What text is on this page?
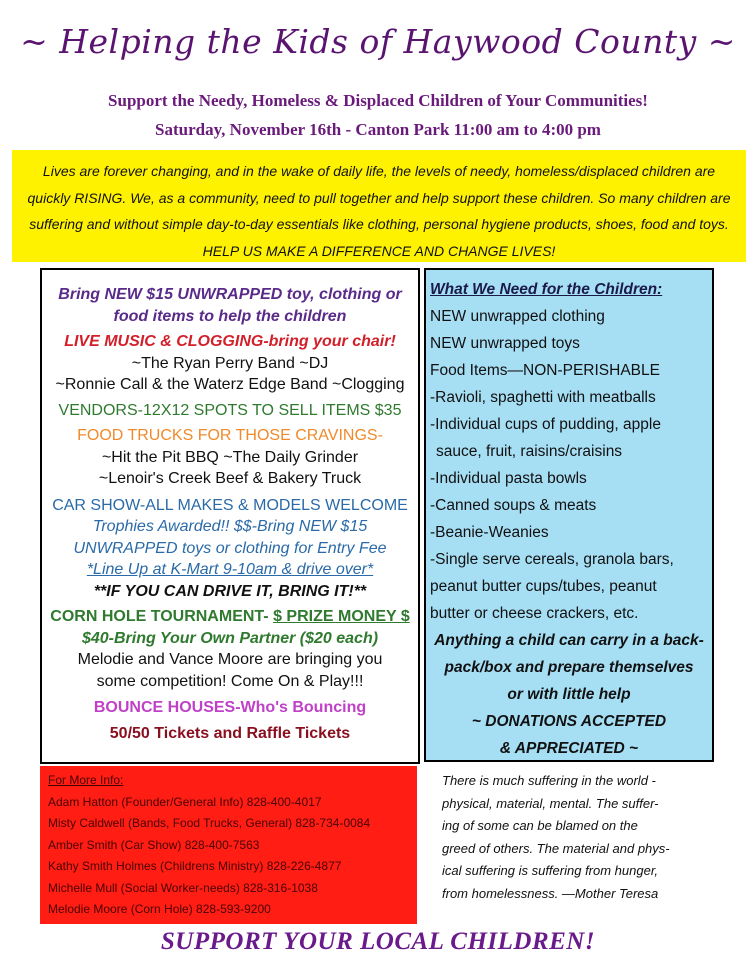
~ Helping the Kids of Haywood County ~
Support the Needy, Homeless & Displaced Children of Your Communities!
Saturday, November 16th - Canton Park 11:00 am to 4:00 pm
Lives are forever changing, and in the wake of daily life, the levels of needy, homeless/displaced children are quickly RISING. We, as a community, need to pull together and help support these children. So many children are suffering and without simple day-to-day essentials like clothing, personal hygiene products, shoes, food and toys. HELP US MAKE A DIFFERENCE AND CHANGE LIVES!
Bring NEW $15 UNWRAPPED toy, clothing or
food items to help the children
LIVE MUSIC & CLOGGING-bring your chair!
~The Ryan Perry Band ~DJ
~Ronnie Call & the Waterz Edge Band ~Clogging
VENDORS-12X12 SPOTS TO SELL ITEMS $35
FOOD TRUCKS FOR THOSE CRAVINGS-
~Hit the Pit BBQ ~The Daily Grinder
~Lenoir's Creek Beef & Bakery Truck
CAR SHOW-ALL MAKES & MODELS WELCOME
Trophies Awarded!! $$-Bring NEW $15
UNWRAPPED toys or clothing for Entry Fee
*Line Up at K-Mart 9-10am & drive over*
**IF YOU CAN DRIVE IT, BRING IT!**
CORN HOLE TOURNAMENT- $ PRIZE MONEY $
$40-Bring Your Own Partner ($20 each)
Melodie and Vance Moore are bringing you
some competition! Come On & Play!!!
BOUNCE HOUSES-Who's Bouncing
50/50 Tickets and Raffle Tickets
What We Need for the Children:
NEW unwrapped clothing
NEW unwrapped toys
Food Items—NON-PERISHABLE
-Ravioli, spaghetti with meatballs
-Individual cups of pudding, apple
sauce, fruit, raisins/craisins
-Individual pasta bowls
-Canned soups & meats
-Beanie-Weanies
-Single serve cereals, granola bars,
peanut butter cups/tubes, peanut
butter or cheese crackers, etc.
Anything a child can carry in a back-
pack/box and prepare themselves
or with little help
~ DONATIONS ACCEPTED
& APPRECIATED ~
For More Info:
Adam Hatton (Founder/General Info) 828-400-4017
Misty Caldwell (Bands, Food Trucks, General) 828-734-0084
Amber Smith (Car Show) 828-400-7563
Kathy Smith Holmes (Childrens Ministry) 828-226-4877
Michelle Mull (Social Worker-needs) 828-316-1038
Melodie Moore (Corn Hole) 828-593-9200
There is much suffering in the world -
physical, material, mental. The suffer-
ing of some can be blamed on the
greed of others. The material and phys-
ical suffering is suffering from hunger,
from homelessness. —Mother Teresa
SUPPORT YOUR LOCAL CHILDREN!
